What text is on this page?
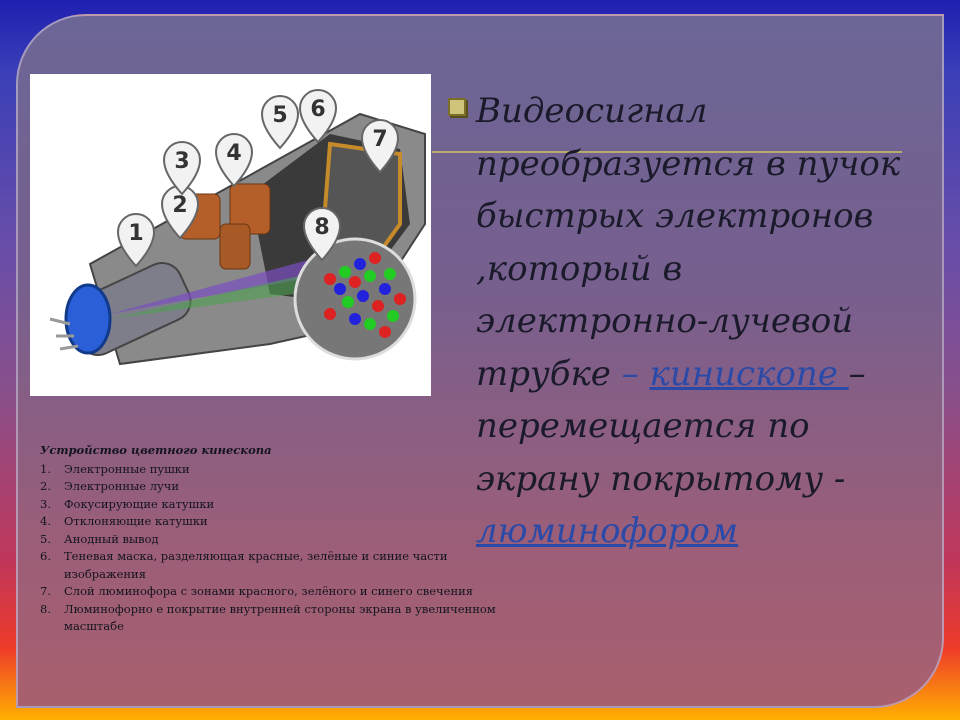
1
2
3 4
5 6
7
8
Видеосигнал преобразуется в пучок быстрых электронов ,который в электронно-лучевой трубке – кинископе – перемещается по экрану покрытому - люминофором
Устройство цветного кинескопа
1. Электронные пушки
2. Электронные лучи
3. Фокусирующие катушки
4. Отклоняющие катушки
5. Анодный вывод
6. Теневая маска, разделяющая красные, зелёные и синие части изображения
7. Слой люминофора с зонами красного, зелёного и синего свечения
8. Люминофорно е покрытие внутренней стороны экрана в увеличенном масштабе
